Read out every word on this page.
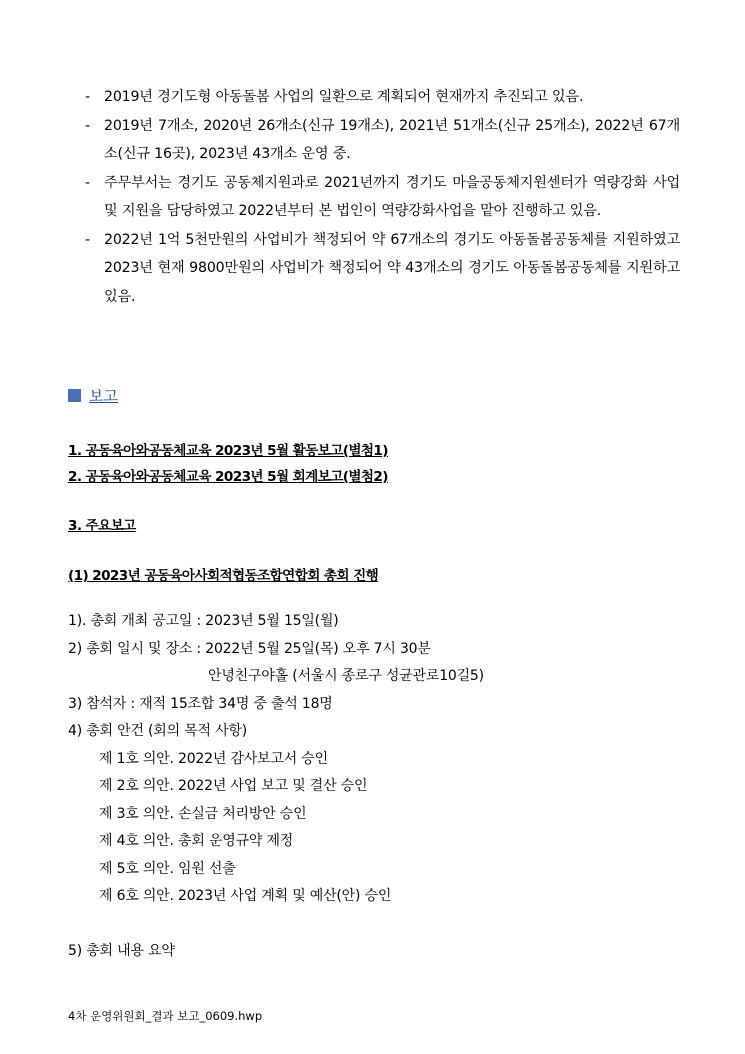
- 2019년 경기도형 아동돌봄 사업의 일환으로 계획되어 현재까지 추진되고 있음.
- 2019년 7개소, 2020년 26개소(신규 19개소), 2021년 51개소(신규 25개소), 2022년 67개소(신규 16곳), 2023년 43개소 운영 중.
- 주무부서는 경기도 공동체지원과로 2021년까지 경기도 마을공동체지원센터가 역량강화 사업 및 지원을 담당하였고 2022년부터 본 법인이 역량강화사업을 맡아 진행하고 있음.
- 2022년 1억 5천만원의 사업비가 책정되어 약 67개소의 경기도 아동돌봄공동체를 지원하였고 2023년 현재 9800만원의 사업비가 책정되어 약 43개소의 경기도 아동돌봄공동체를 지원하고 있음.
보고
1. 공동육아와공동체교육 2023년 5월 활동보고(별첨1)
2. 공동육아와공동체교육 2023년 5월 회계보고(별첨2)
3. 주요보고
(1) 2023년 공동육아사회적협동조합연합회 총회 진행
1). 총회 개최 공고일 : 2023년 5월 15일(월)
2) 총회 일시 및 장소 : 2022년 5월 25일(목) 오후 7시 30분
안녕친구야홀 (서울시 종로구 성균관로10길5)
3) 참석자 : 재적 15조합 34명 중 출석 18명
4) 총회 안건 (회의 목적 사항)
제 1호 의안. 2022년 감사보고서 승인
제 2호 의안. 2022년 사업 보고 및 결산 승인
제 3호 의안. 손실금 처리방안 승인
제 4호 의안. 총회 운영규약 제정
제 5호 의안. 임원 선출
제 6호 의안. 2023년 사업 계획 및 예산(안) 승인
5) 총회 내용 요약
4차 운영위원회_결과 보고_0609.hwp
